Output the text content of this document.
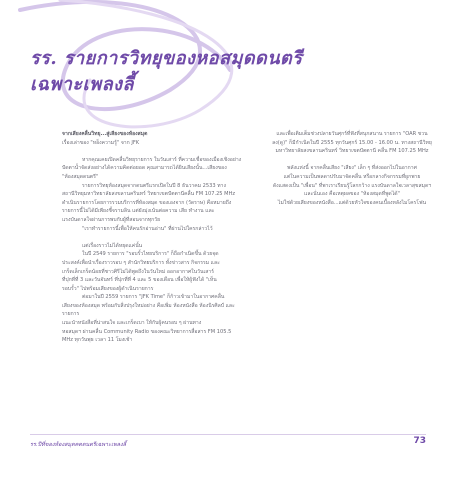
รร. รายการวิทยุของหอสมุดดนตรี
เฉพาะเพลงลี้

จากเสียงคลื่นวิทยุ...สู่เสียงของห้องสมุด

เรื่องเล่าของ "หอ็งความรู้" จาก JFK

หากคุณเคยเปิดคลื่นวิทยุรายการ ในวันเสาร์ ที่ความเชื่อของเมืองเชิงอย่าง

ปัดตาน้ำจัดส่งอย่างได้ความคิดต่อยอด คุณสามารถได้ยินเสียงนั้น...เสียงของ

"ห้องสมุดดนตรี"

รายการวิทยุห้องสมุดจากดนตรีแรกเปิดในปี 8 ธันวาคม 2533 ทาง

สถานีวิทยุมหาวิทยาลัยสงขลานครินทร์ วิทยาเขตปัตตานีคลื่น FM 107.25 MHz

ดำเนินรายการโดยการรวมบริการที่ห้องสมุด ของเองจาก (วัดราษ) คือหมายถึง

รายการนี้ไม่ได้มีเพียงชี้จรามลิน แต่ยังมุ่งเน้นต่อความ เสีย ทำงาน และ

แรงบันดาลใจผ่านการพบกับผู้ที่สอนจากทุกวัย

"เราทำรายการนี้เพื่อให้คนรักอ่านอ่าน" ที่ผ่านไปใครกล่าวไว้

แต่เรื่องราวไม่ได้หยุดแค่นั้น

ในปี 2549 รายการ "รอบรั้วไทยบริการ" ก็ถือกำเนิดขึ้น ด้วยจุด

ประสงค์เพื่อนำเรื่องราวรอบ ๆ สำนักวิทยบริการ ทั้งข่าวสาร กิจกรรม และ

เกร็ดเล็กเกร็ดน้อยที่ชาวศิริไม่ได้พูดถึงในวันใหม่ ออกอากาศในวันเสาร์

ที่ปุกที่ที่ 3 และวันจันทร์ ที่ปุกที่ที่ 4 และ 5 ของเดือน เพื่อให้ผู้ฟังได้ "เห็น

รอบรั้ว" ไปพร้อมเสียงของผู้ดำเนินรายการ

ต่อมาในปี 2559 รายการ "JFK Time" ก็ก้าวเข้ามาในอากาศคลื่น

เสียงของห้องสมุด พร้อมกับสิ่งปรุงใหม่อย่าง คือเพิ่ม ห้องหนังสือ ห้องนิรศิลป์ และรายการ

แนะนำหนังสือที่น่าสนใจ และเกร็ดเบา ให้กับผู้คนรอบ ๆ ผ่านทาง

หอสมุดฯ ผ่านคลื่น Community Radio ของคณะวิทยาการสื่อสาร FM 105.5

MHz ทุกวันพุธ เวลา 11 โมงเช้า

และเพื่อเติมเต็มช่วงปลายวันศุกร์ที่ฟังที่สนุกสนาน รายการ "OAR ชวน

ลง(ดู)" ก็มีกำเนิดในปี 2555 ทุกวันศุกร์ 15.00 - 16.00 น. ทางสถานีวิทยุ

มหาวิทยาลัยสงขลานครินทร์ วิทยาเขตปัตตานี คลื่น FM 107.25 MHz

พลังแห่งนี้ จากคลื่นเสียง "เสียง" เล็ก ๆ ที่ส่งออกไปในอากาศ

แต่ในความเป็นพลดาปรับมาจัดคลื่น หรือกลางกิจกรรมที่ผูกพาย

ดังแสดงเป็น "เพื่อน" ที่พาเราเรียนรู้โลกกว้าง แรงบันดาลใจเวลาสุขสมุดฯ

และนั่นเอง คือเหตุผลของ "ห้องสมุดที่พูดได้"

ไม่ใช่ด้วยเสียงของหนังสือ...แต่ด้วยหัวใจของคนเบื้องหลังไมโครโฟน

รร.ปีที่ของห้องสมุดคดดนตรีเฉพาะเพลงลี้	73
